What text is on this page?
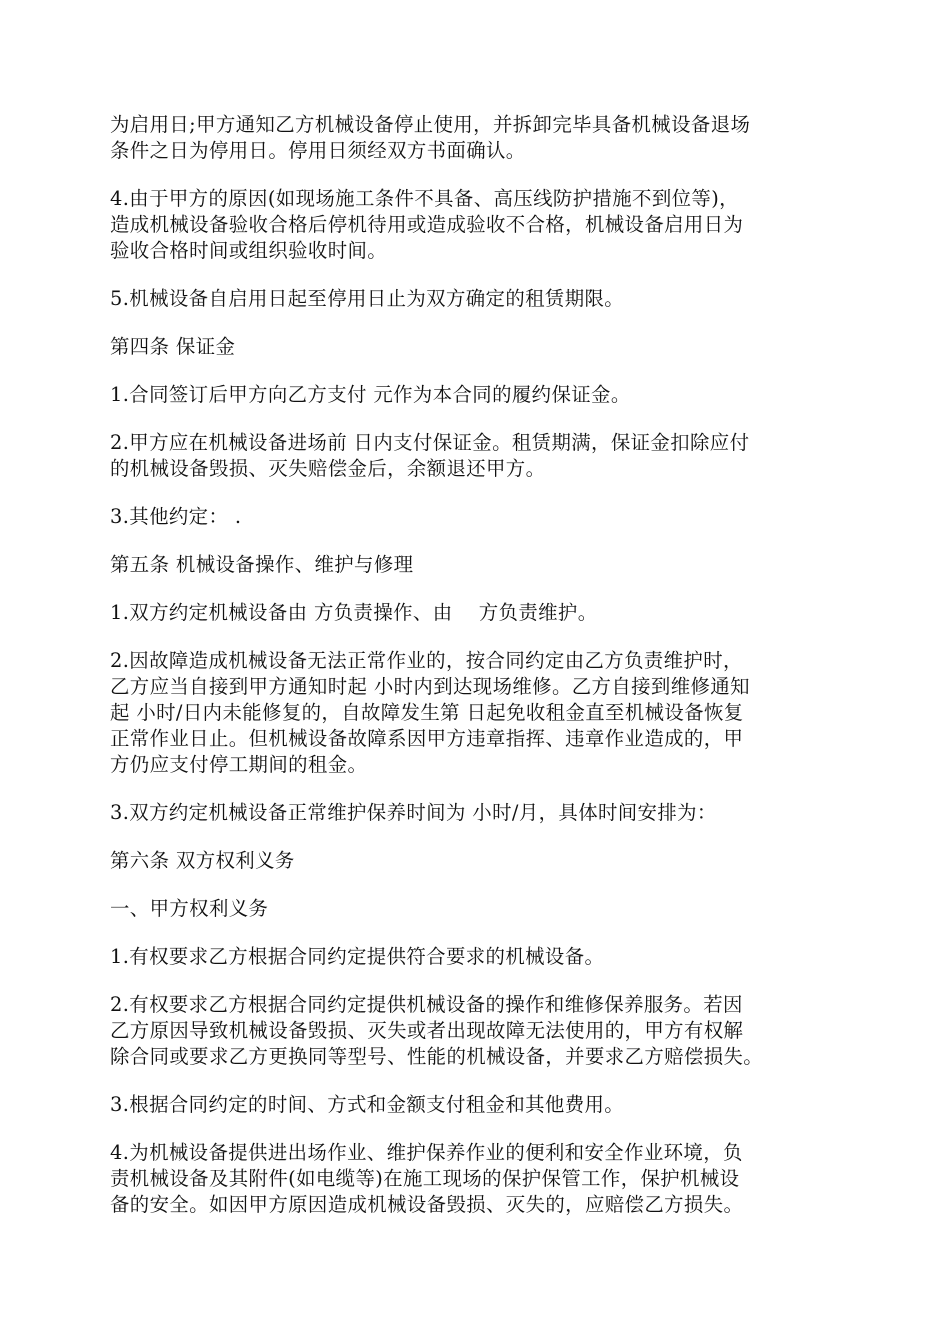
为启用日;甲方通知乙方机械设备停止使用，并拆卸完毕具备机械设备退场
条件之日为停用日。停用日须经双方书面确认。

4.由于甲方的原因(如现场施工条件不具备、高压线防护措施不到位等)，
造成机械设备验收合格后停机待用或造成验收不合格，机械设备启用日为
验收合格时间或组织验收时间。

5.机械设备自启用日起至停用日止为双方确定的租赁期限。

第四条 保证金

1.合同签订后甲方向乙方支付 元作为本合同的履约保证金。

2.甲方应在机械设备进场前 日内支付保证金。租赁期满，保证金扣除应付
的机械设备毁损、灭失赔偿金后，余额退还甲方。

3.其他约定： .

第五条 机械设备操作、维护与修理

1.双方约定机械设备由 方负责操作、由    方负责维护。

2.因故障造成机械设备无法正常作业的，按合同约定由乙方负责维护时，
乙方应当自接到甲方通知时起 小时内到达现场维修。乙方自接到维修通知
起 小时/日内未能修复的，自故障发生第 日起免收租金直至机械设备恢复
正常作业日止。但机械设备故障系因甲方违章指挥、违章作业造成的，甲
方仍应支付停工期间的租金。

3.双方约定机械设备正常维护保养时间为 小时/月，具体时间安排为：

第六条 双方权利义务

一、甲方权利义务

1.有权要求乙方根据合同约定提供符合要求的机械设备。

2.有权要求乙方根据合同约定提供机械设备的操作和维修保养服务。若因
乙方原因导致机械设备毁损、灭失或者出现故障无法使用的，甲方有权解
除合同或要求乙方更换同等型号、性能的机械设备，并要求乙方赔偿损失。

3.根据合同约定的时间、方式和金额支付租金和其他费用。

4.为机械设备提供进出场作业、维护保养作业的便利和安全作业环境，负
责机械设备及其附件(如电缆等)在施工现场的保护保管工作，保护机械设
备的安全。如因甲方原因造成机械设备毁损、灭失的，应赔偿乙方损失。
